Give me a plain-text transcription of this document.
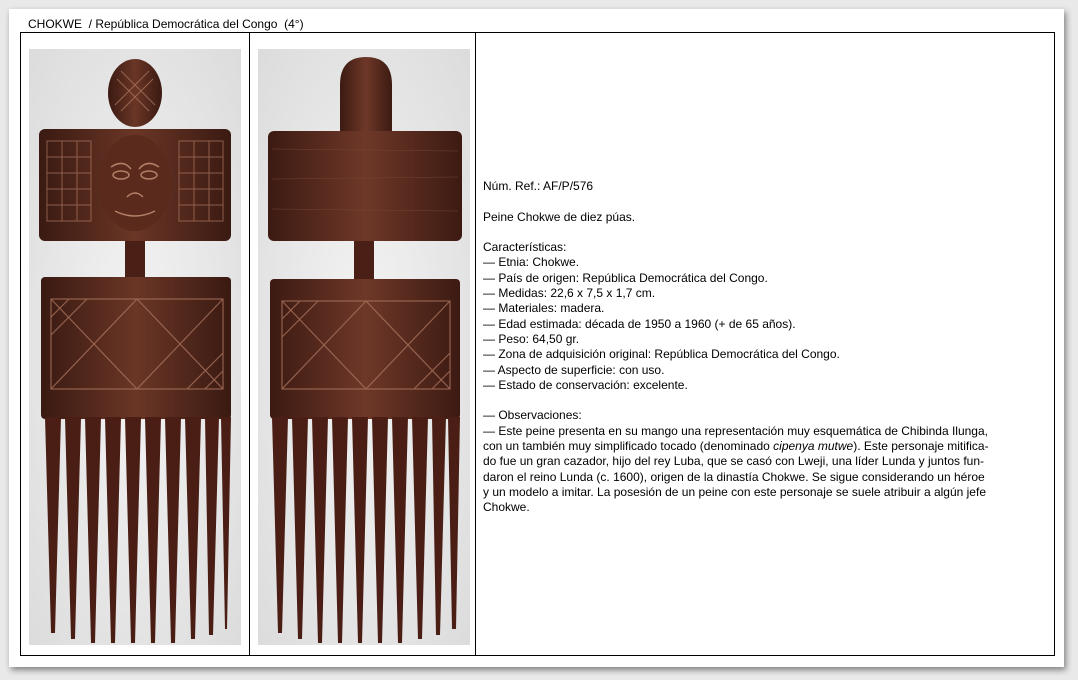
CHOKWE  / República Democrática del Congo  (4°)

Núm. Ref.: AF/P/576

Peine Chokwe de diez púas.

Características:

— Etnia: Chokwe.

— País de origen: República Democrática del Congo.

— Medidas: 22,6 x 7,5 x 1,7 cm.

— Materiales: madera.

— Edad estimada: década de 1950 a 1960 (+ de 65 años).

— Peso: 64,50 gr.

— Zona de adquisición original: República Democrática del Congo.

— Aspecto de superficie: con uso.

— Estado de conservación: excelente.

— Observaciones:

— Este peine presenta en su mango una representación muy esquemática de Chibinda Ilunga,

con un también muy simplificado tocado (denominado cipenya mutwe). Este personaje mitifica-

do fue un gran cazador, hijo del rey Luba, que se casó con Lweji, una líder Lunda y juntos fun-

daron el reino Lunda (c. 1600), origen de la dinastía Chokwe. Se sigue considerando un héroe

y un modelo a imitar. La posesión de un peine con este personaje se suele atribuir a algún jefe

Chokwe.
